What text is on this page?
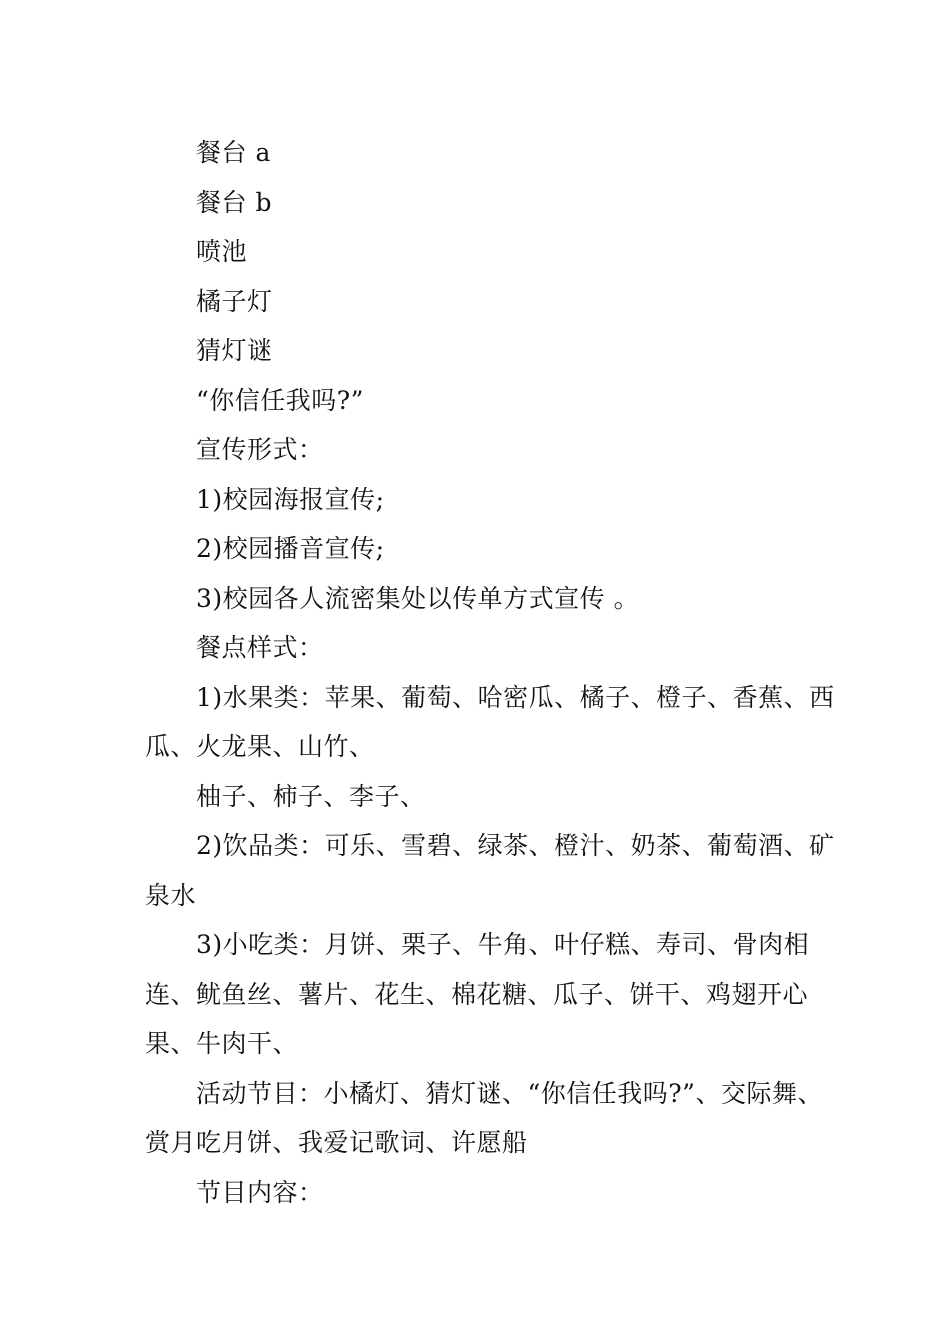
餐台 a

餐台 b

喷池

橘子灯

猜灯谜

“你信任我吗?”

宣传形式：

1)校园海报宣传;

2)校园播音宣传;

3)校园各人流密集处以传单方式宣传 。

餐点样式：

1)水果类：苹果、葡萄、哈密瓜、橘子、橙子、香蕉、西瓜、火龙果、山竹、

柚子、柿子、李子、

2)饮品类：可乐、雪碧、绿茶、橙汁、奶茶、葡萄酒、矿泉水

3)小吃类：月饼、栗子、牛角、叶仔糕、寿司、骨肉相连、鱿鱼丝、薯片、花生、棉花糖、瓜子、饼干、鸡翅开心果、牛肉干、

活动节目：小橘灯、猜灯谜、“你信任我吗?”、交际舞、赏月吃月饼、我爱记歌词、许愿船

节目内容：
